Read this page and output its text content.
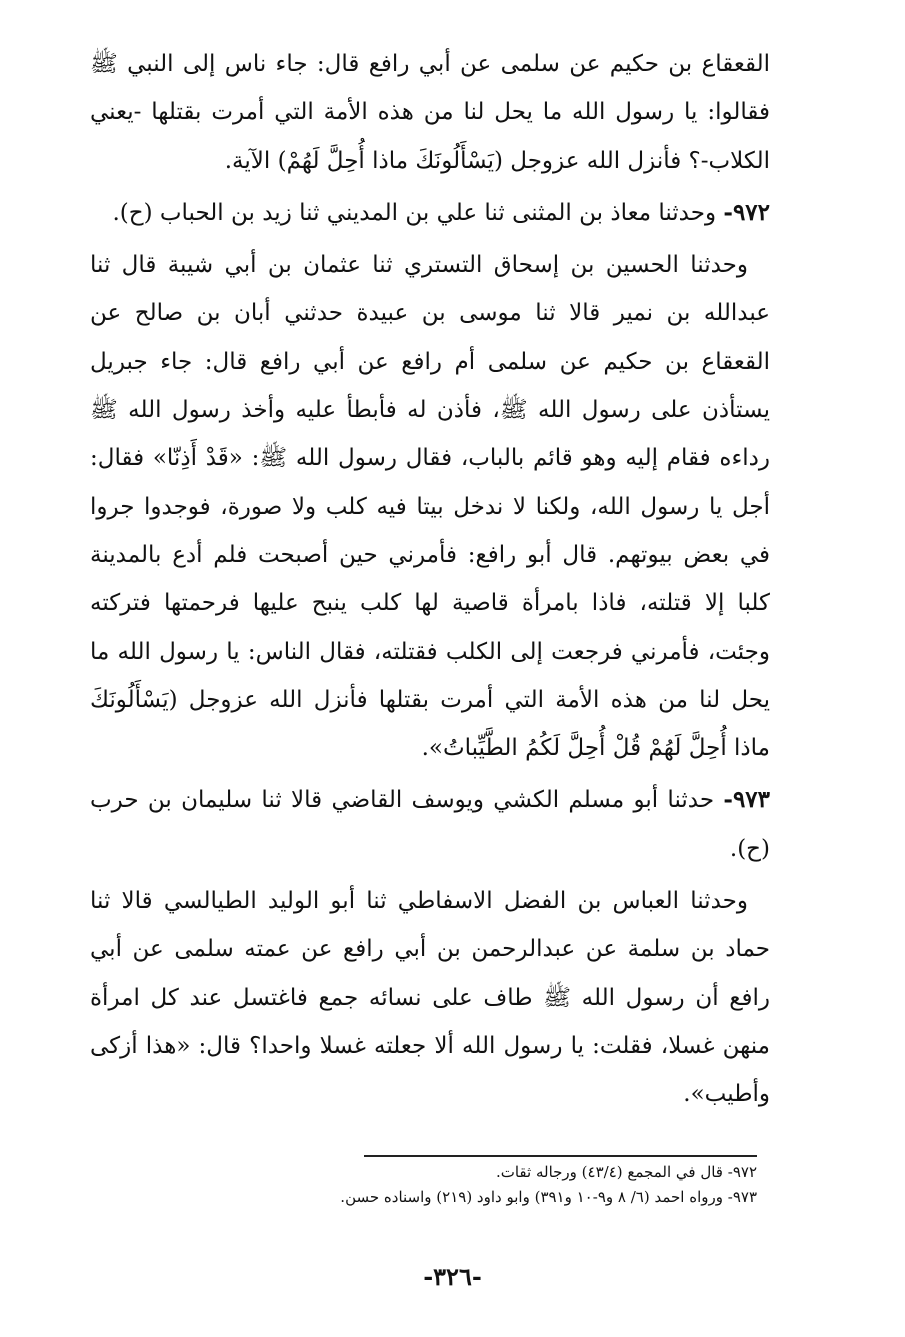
القعقاع بن حكيم عن سلمى عن أبي رافع قال: جاء ناس إلى النبي ﷺ فقالوا: يا رسول الله ما يحل لنا من هذه الأمة التي أمرت بقتلها -يعني الكلاب-؟ فأنزل الله عزوجل (يَسْأَلُونَكَ ماذا أُحِلَّ لَهُمْ) الآية.

٩٧٢- وحدثنا معاذ بن المثنى ثنا علي بن المديني ثنا زيد بن الحباب (ح).

وحدثنا الحسين بن إسحاق التستري ثنا عثمان بن أبي شيبة قال ثنا عبدالله بن نمير قالا ثنا موسى بن عبيدة حدثني أبان بن صالح عن القعقاع بن حكيم عن سلمى أم رافع عن أبي رافع قال: جاء جبريل يستأذن على رسول الله ﷺ، فأذن له فأبطأ عليه وأخذ رسول الله ﷺ رداءه فقام إليه وهو قائم بالباب، فقال رسول الله ﷺ: «قَدْ أَذِنّا» فقال: أجل يا رسول الله، ولكنا لا ندخل بيتا فيه كلب ولا صورة، فوجدوا جروا في بعض بيوتهم. قال أبو رافع: فأمرني حين أصبحت فلم أدع بالمدينة كلبا إلا قتلته، فاذا بامرأة قاصية لها كلب ينبح عليها فرحمتها فتركته وجئت، فأمرني فرجعت إلى الكلب فقتلته، فقال الناس: يا رسول الله ما يحل لنا من هذه الأمة التي أمرت بقتلها فأنزل الله عزوجل (يَسْأَلُونَكَ ماذا أُحِلَّ لَهُمْ قُلْ أُحِلَّ لَكُمُ الطَّيِّباتُ».

٩٧٣- حدثنا أبو مسلم الكشي ويوسف القاضي قالا ثنا سليمان بن حرب (ح).

وحدثنا العباس بن الفضل الاسفاطي ثنا أبو الوليد الطيالسي قالا ثنا حماد بن سلمة عن عبدالرحمن بن أبي رافع عن عمته سلمى عن أبي رافع أن رسول الله ﷺ طاف على نسائه جمع فاغتسل عند كل امرأة منهن غسلا، فقلت: يا رسول الله ألا جعلته غسلا واحدا؟ قال: «هذا أزكى وأطيب».

٩٧٢- قال في المجمع (٤٣/٤) ورجاله ثقات.

٩٧٣- ورواه احمد (٦/ ٨ و٩-١٠ و٣٩١) وابو داود (٢١٩) واسناده حسن.

-٣٢٦-
